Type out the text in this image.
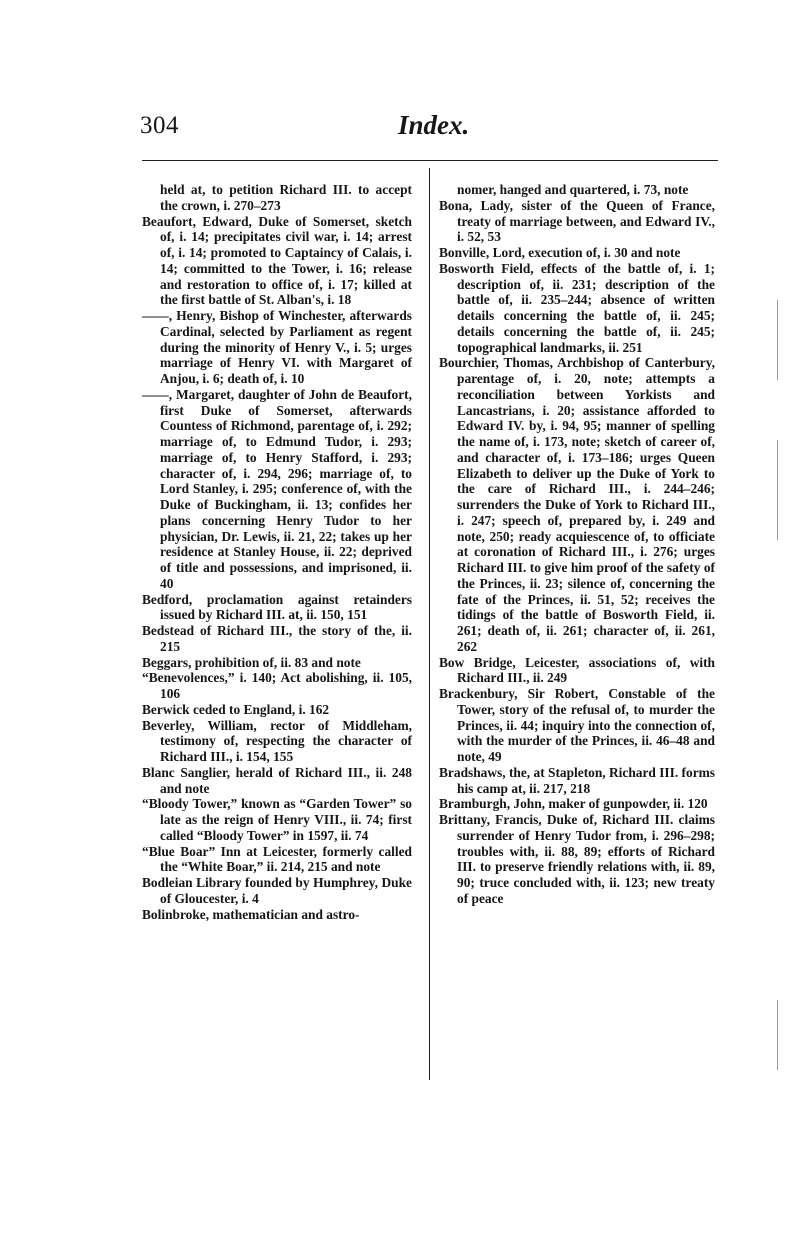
304	Index.

held at, to petition Richard III. to accept the crown, i. 270–273

Beaufort, Edward, Duke of Somerset, sketch of, i. 14; precipitates civil war, i. 14; arrest of, i. 14; promoted to Captaincy of Calais, i. 14; committed to the Tower, i. 16; release and restoration to office of, i. 17; killed at the first battle of St. Alban's, i. 18

——, Henry, Bishop of Winchester, afterwards Cardinal, selected by Parliament as regent during the minority of Henry V., i. 5; urges marriage of Henry VI. with Margaret of Anjou, i. 6; death of, i. 10

——, Margaret, daughter of John de Beaufort, first Duke of Somerset, afterwards Countess of Richmond, parentage of, i. 292; marriage of, to Edmund Tudor, i. 293; marriage of, to Henry Stafford, i. 293; character of, i. 294, 296; marriage of, to Lord Stanley, i. 295; conference of, with the Duke of Buckingham, ii. 13; confides her plans concerning Henry Tudor to her physician, Dr. Lewis, ii. 21, 22; takes up her residence at Stanley House, ii. 22; deprived of title and possessions, and imprisoned, ii. 40

Bedford, proclamation against retainders issued by Richard III. at, ii. 150, 151

Bedstead of Richard III., the story of the, ii. 215

Beggars, prohibition of, ii. 83 and note

“Benevolences,” i. 140; Act abolishing, ii. 105, 106

Berwick ceded to England, i. 162

Beverley, William, rector of Middleham, testimony of, respecting the character of Richard III., i. 154, 155

Blanc Sanglier, herald of Richard III., ii. 248 and note

“Bloody Tower,” known as “Garden Tower” so late as the reign of Henry VIII., ii. 74; first called “Bloody Tower” in 1597, ii. 74

“Blue Boar” Inn at Leicester, formerly called the “White Boar,” ii. 214, 215 and note

Bodleian Library founded by Humphrey, Duke of Gloucester, i. 4

Bolinbroke, mathematician and astro-

nomer, hanged and quartered, i. 73, note

Bona, Lady, sister of the Queen of France, treaty of marriage between, and Edward IV., i. 52, 53

Bonville, Lord, execution of, i. 30 and note

Bosworth Field, effects of the battle of, i. 1; description of, ii. 231; description of the battle of, ii. 235–244; absence of written details concerning the battle of, ii. 245; details concerning the battle of, ii. 245; topographical landmarks, ii. 251

Bourchier, Thomas, Archbishop of Canterbury, parentage of, i. 20, note; attempts a reconciliation between Yorkists and Lancastrians, i. 20; assistance afforded to Edward IV. by, i. 94, 95; manner of spelling the name of, i. 173, note; sketch of career of, and character of, i. 173–186; urges Queen Elizabeth to deliver up the Duke of York to the care of Richard III., i. 244–246; surrenders the Duke of York to Richard III., i. 247; speech of, prepared by, i. 249 and note, 250; ready acquiescence of, to officiate at coronation of Richard III., i. 276; urges Richard III. to give him proof of the safety of the Princes, ii. 23; silence of, concerning the fate of the Princes, ii. 51, 52; receives the tidings of the battle of Bosworth Field, ii. 261; death of, ii. 261; character of, ii. 261, 262

Bow Bridge, Leicester, associations of, with Richard III., ii. 249

Brackenbury, Sir Robert, Constable of the Tower, story of the refusal of, to murder the Princes, ii. 44; inquiry into the connection of, with the murder of the Princes, ii. 46–48 and note, 49

Bradshaws, the, at Stapleton, Richard III. forms his camp at, ii. 217, 218

Bramburgh, John, maker of gunpowder, ii. 120

Brittany, Francis, Duke of, Richard III. claims surrender of Henry Tudor from, i. 296–298; troubles with, ii. 88, 89; efforts of Richard III. to preserve friendly relations with, ii. 89, 90; truce concluded with, ii. 123; new treaty of peace
